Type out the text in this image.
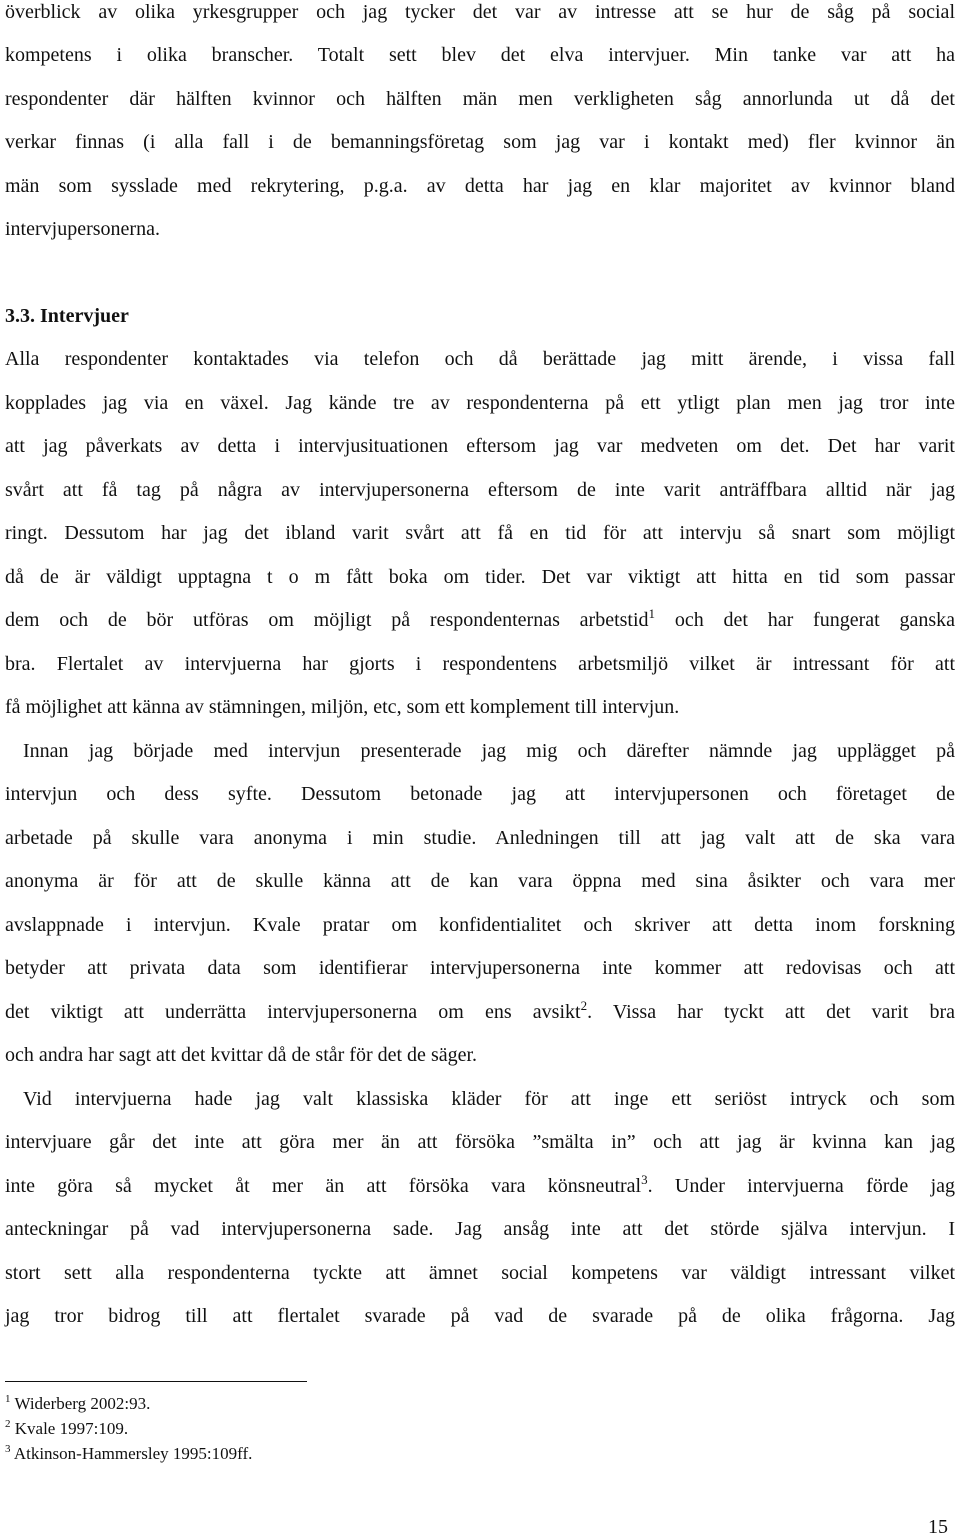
överblick av olika yrkesgrupper och jag tycker det var av intresse att se hur de såg på social
kompetens i olika branscher. Totalt sett blev det elva intervjuer. Min tanke var att ha
respondenter där hälften kvinnor och hälften män men verkligheten såg annorlunda ut då det
verkar finnas (i alla fall i de bemanningsföretag som jag var i kontakt med) fler kvinnor än
män som sysslade med rekrytering, p.g.a. av detta har jag en klar majoritet av kvinnor bland
intervjupersonerna.
3.3. Intervjuer
Alla respondenter kontaktades via telefon och då berättade jag mitt ärende, i vissa fall
kopplades jag via en växel. Jag kände tre av respondenterna på ett ytligt plan men jag tror inte
att jag påverkats av detta i intervjusituationen eftersom jag var medveten om det. Det har varit
svårt att få tag på några av intervjupersonerna eftersom de inte varit anträffbara alltid när jag
ringt. Dessutom har jag det ibland varit svårt att få en tid för att intervju så snart som möjligt
då de är väldigt upptagna t o m fått boka om tider. Det var viktigt att hitta en tid som passar
dem och de bör utföras om möjligt på respondenternas arbetstid$^1$ och det har fungerat ganska
bra. Flertalet av intervjuerna har gjorts i respondentens arbetsmiljö vilket är intressant för att
få möjlighet att känna av stämningen, miljön, etc, som ett komplement till intervjun.
Innan jag började med intervjun presenterade jag mig och därefter nämnde jag upplägget på
intervjun och dess syfte. Dessutom betonade jag att intervjupersonen och företaget de
arbetade på skulle vara anonyma i min studie. Anledningen till att jag valt att de ska vara
anonyma är för att de skulle känna att de kan vara öppna med sina åsikter och vara mer
avslappnade i intervjun. Kvale pratar om konfidentialitet och skriver att detta inom forskning
betyder att privata data som identifierar intervjupersonerna inte kommer att redovisas och att
det viktigt att underrätta intervjupersonerna om ens avsikt$^2$. Vissa har tyckt att det varit bra
och andra har sagt att det kvittar då de står för det de säger.
Vid intervjuerna hade jag valt klassiska kläder för att inge ett seriöst intryck och som
intervjuare går det inte att göra mer än att försöka ”smälta in” och att jag är kvinna kan jag
inte göra så mycket åt mer än att försöka vara könsneutral$^3$. Under intervjuerna förde jag
anteckningar på vad intervjupersonerna sade. Jag ansåg inte att det störde själva intervjun. I
stort sett alla respondenterna tyckte att ämnet social kompetens var väldigt intressant vilket
jag tror bidrog till att flertalet svarade på vad de svarade på de olika frågorna. Jag
$^1$ Widerberg 2002:93.
$^2$ Kvale 1997:109.
$^3$ Atkinson-Hammersley 1995:109ff.
15
